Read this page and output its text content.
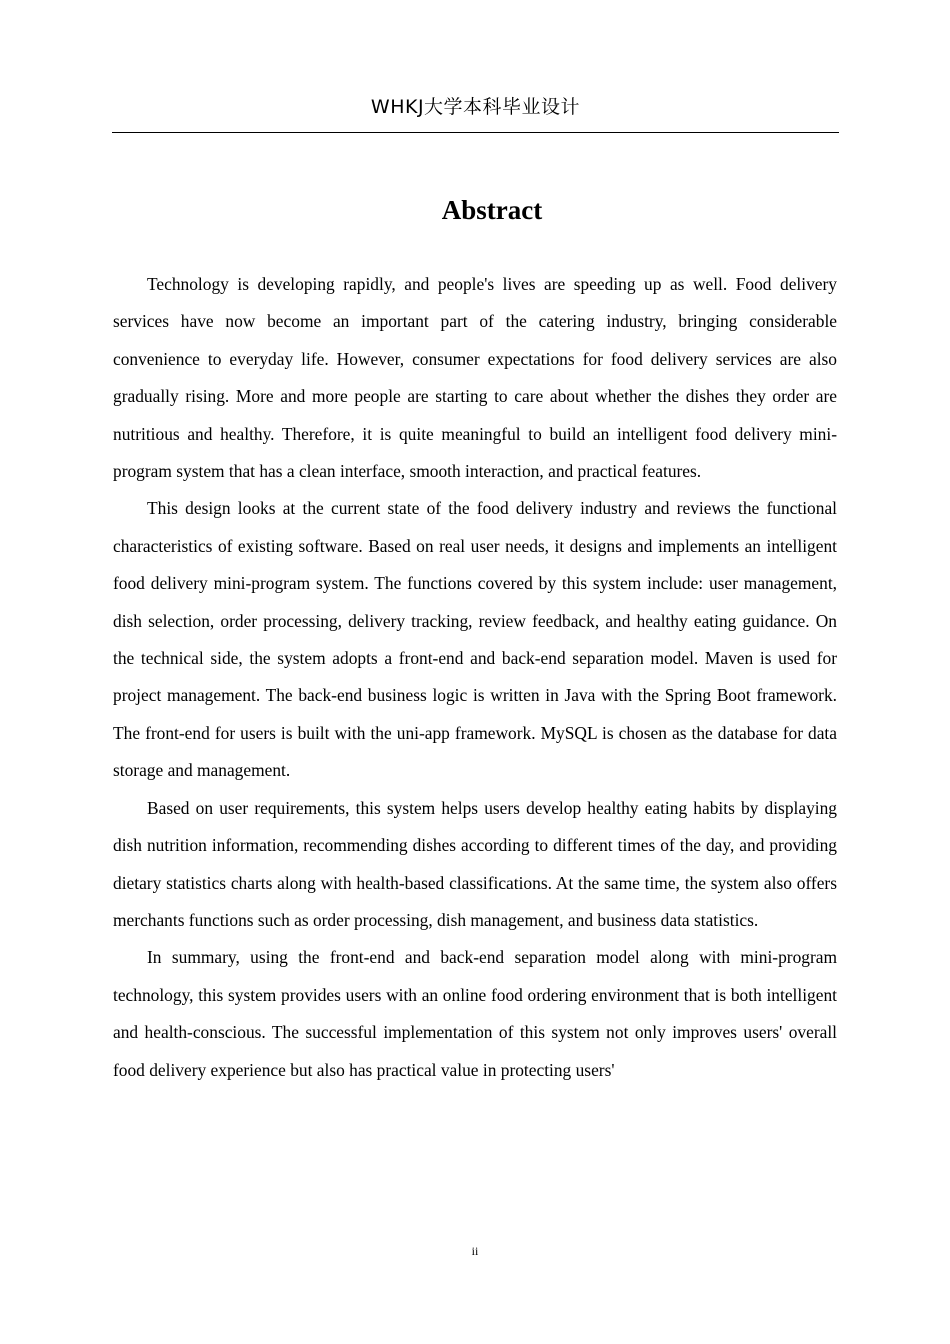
WHKJ大学本科毕业设计
Abstract

Technology is developing rapidly, and people's lives are speeding up as well. Food delivery services have now become an important part of the catering industry, bringing considerable convenience to everyday life. However, consumer expectations for food delivery services are also gradually rising. More and more people are starting to care about whether the dishes they order are nutritious and healthy. Therefore, it is quite meaningful to build an intelligent food delivery mini-program system that has a clean interface, smooth interaction, and practical features.

This design looks at the current state of the food delivery industry and reviews the functional characteristics of existing software. Based on real user needs, it designs and implements an intelligent food delivery mini-program system. The functions covered by this system include: user management, dish selection, order processing, delivery tracking, review feedback, and healthy eating guidance. On the technical side, the system adopts a front-end and back-end separation model. Maven is used for project management. The back-end business logic is written in Java with the Spring Boot framework. The front-end for users is built with the uni-app framework. MySQL is chosen as the database for data storage and management.

Based on user requirements, this system helps users develop healthy eating habits by displaying dish nutrition information, recommending dishes according to different times of the day, and providing dietary statistics charts along with health-based classifications. At the same time, the system also offers merchants functions such as order processing, dish management, and business data statistics.

In summary, using the front-end and back-end separation model along with mini-program technology, this system provides users with an online food ordering environment that is both intelligent and health-conscious. The successful implementation of this system not only improves users' overall food delivery experience but also has practical value in protecting users'

ii
